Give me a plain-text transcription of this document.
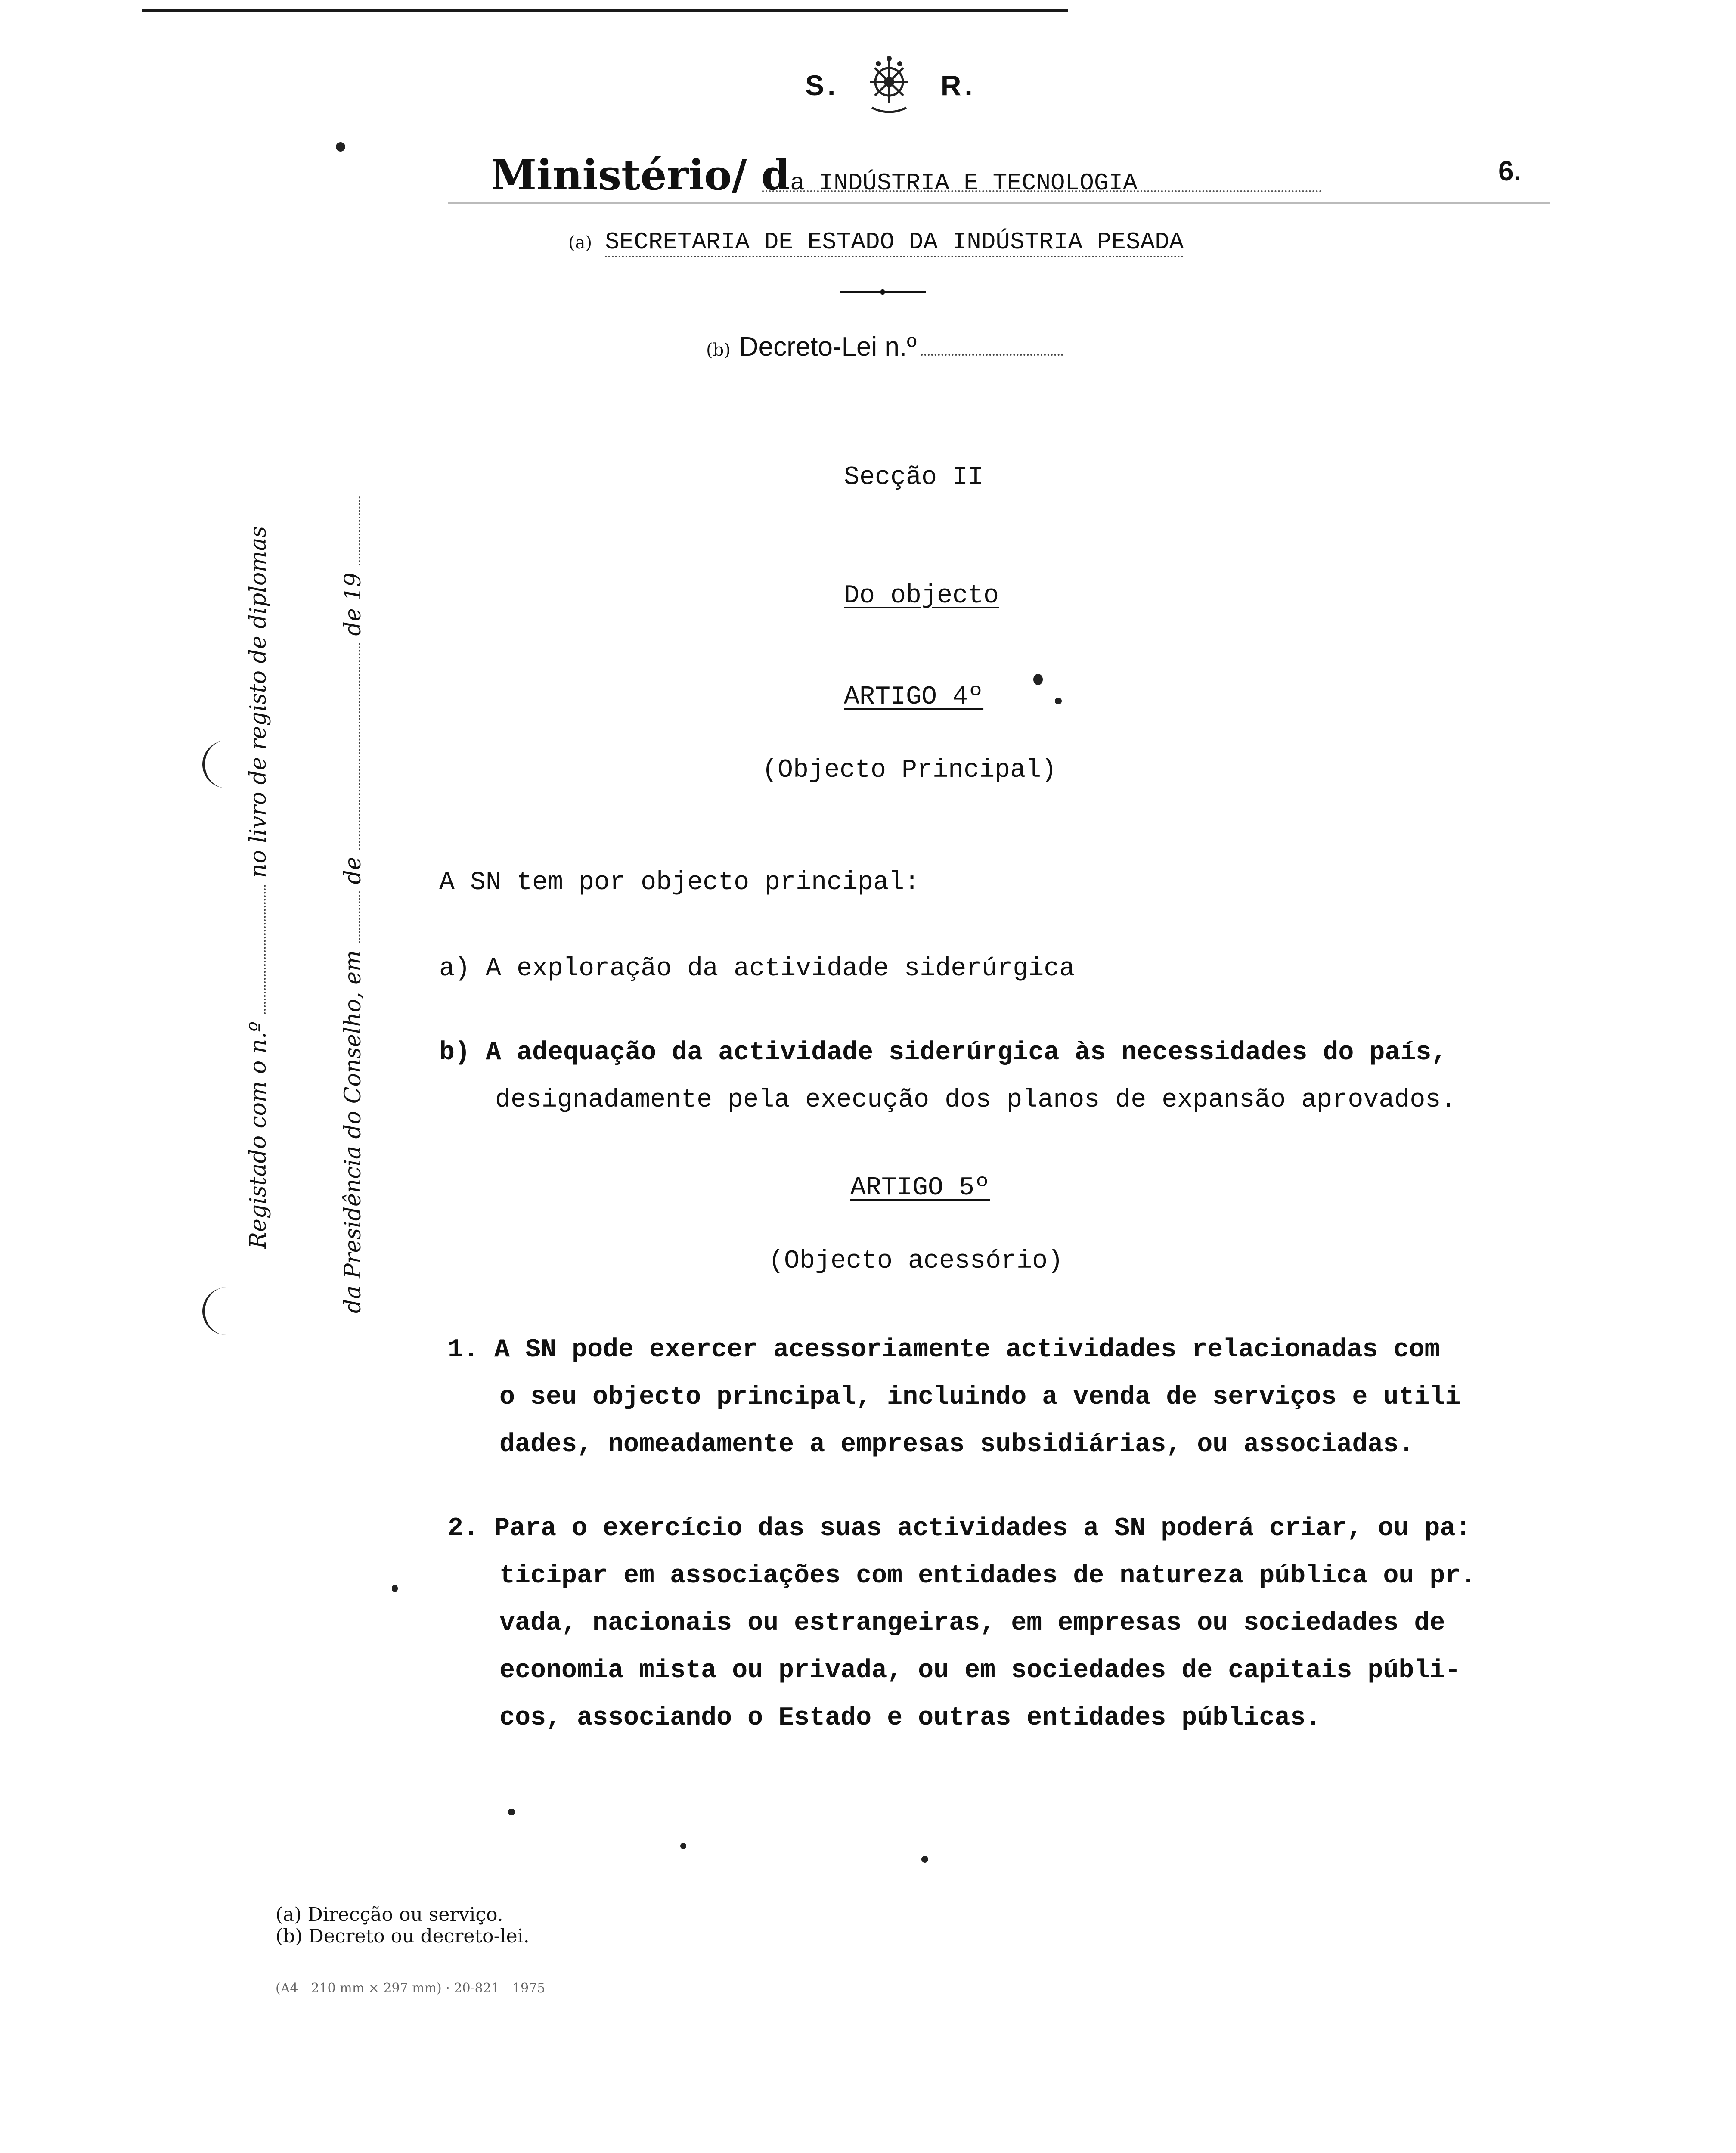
S.	R.
6.
Ministério/ da INDÚSTRIA E TECNOLOGIA
(a) SECRETARIA DE ESTADO DA INDÚSTRIA PESADA
(b) Decreto-Lei n.º
Secção II
Do objecto
ARTIGO 4º
(Objecto Principal)
A SN tem por objecto principal:
a) A exploração da actividade siderúrgica
b) A adequação da actividade siderúrgica às necessidades do país,
designadamente pela execução dos planos de expansão aprovados.
ARTIGO 5º
(Objecto acessório)
1. A SN pode exercer acessoriamente actividades relacionadas com
o seu objecto principal, incluindo a venda de serviços e utili
dades, nomeadamente a empresas subsidiárias, ou associadas.
2. Para o exercício das suas actividades a SN poderá criar, ou pa:
ticipar em associações com entidades de natureza pública ou pr.
vada, nacionais ou estrangeiras, em empresas ou sociedades de
economia mista ou privada, ou em sociedades de capitais públi-
cos, associando o Estado e outras entidades públicas.
Registado com o n.º  no livro de registo de diplomas
da Presidência do Conselho, em  de  de 19
(a) Direcção ou serviço.
(b) Decreto ou decreto-lei.
(A4—210 mm × 297 mm) · 20-821—1975
